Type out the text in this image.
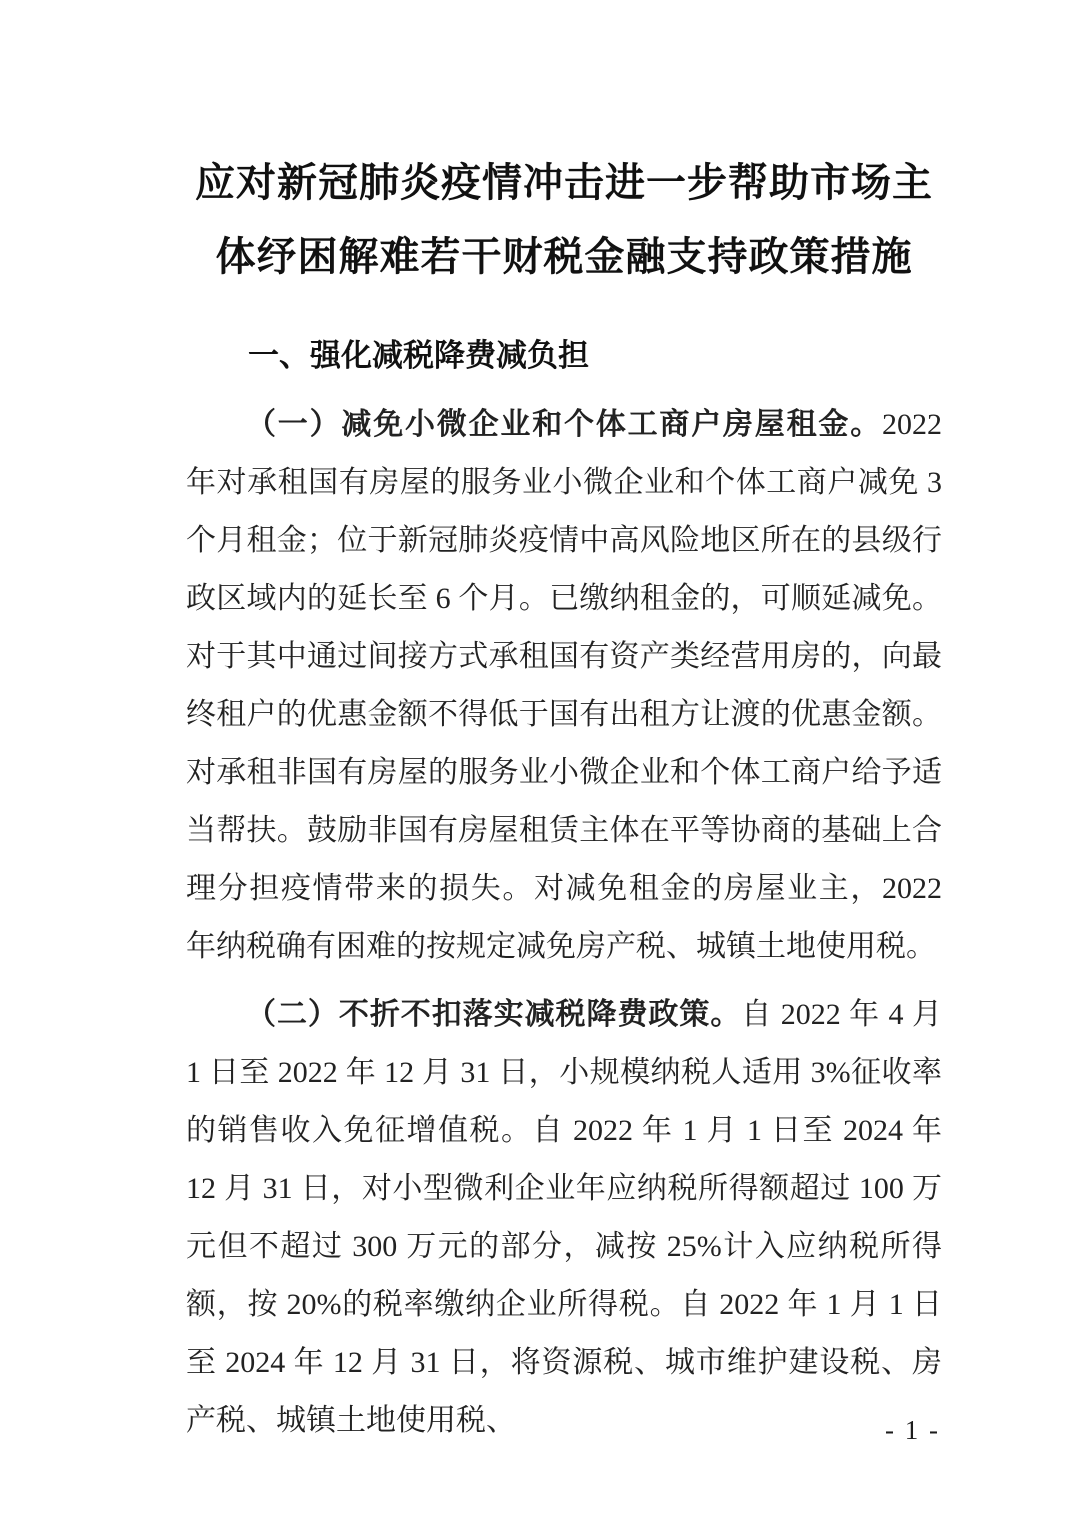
应对新冠肺炎疫情冲击进一步帮助市场主
体纾困解难若干财税金融支持政策措施
一、强化减税降费减负担

（一）减免小微企业和个体工商户房屋租金。2022 年对承租国有房屋的服务业小微企业和个体工商户减免 3 个月租金；位于新冠肺炎疫情中高风险地区所在的县级行政区域内的延长至 6 个月。已缴纳租金的，可顺延减免。对于其中通过间接方式承租国有资产类经营用房的，向最终租户的优惠金额不得低于国有出租方让渡的优惠金额。对承租非国有房屋的服务业小微企业和个体工商户给予适当帮扶。鼓励非国有房屋租赁主体在平等协商的基础上合理分担疫情带来的损失。对减免租金的房屋业主，2022 年纳税确有困难的按规定减免房产税、城镇土地使用税。

（二）不折不扣落实减税降费政策。自 2022 年 4 月 1 日至 2022 年 12 月 31 日，小规模纳税人适用 3%征收率的销售收入免征增值税。自 2022 年 1 月 1 日至 2024 年 12 月 31 日，对小型微利企业年应纳税所得额超过 100 万元但不超过 300 万元的部分，减按 25%计入应纳税所得额，按 20%的税率缴纳企业所得税。自 2022 年 1 月 1 日至 2024 年 12 月 31 日，将资源税、城市维护建设税、房产税、城镇土地使用税、	- 1 -
